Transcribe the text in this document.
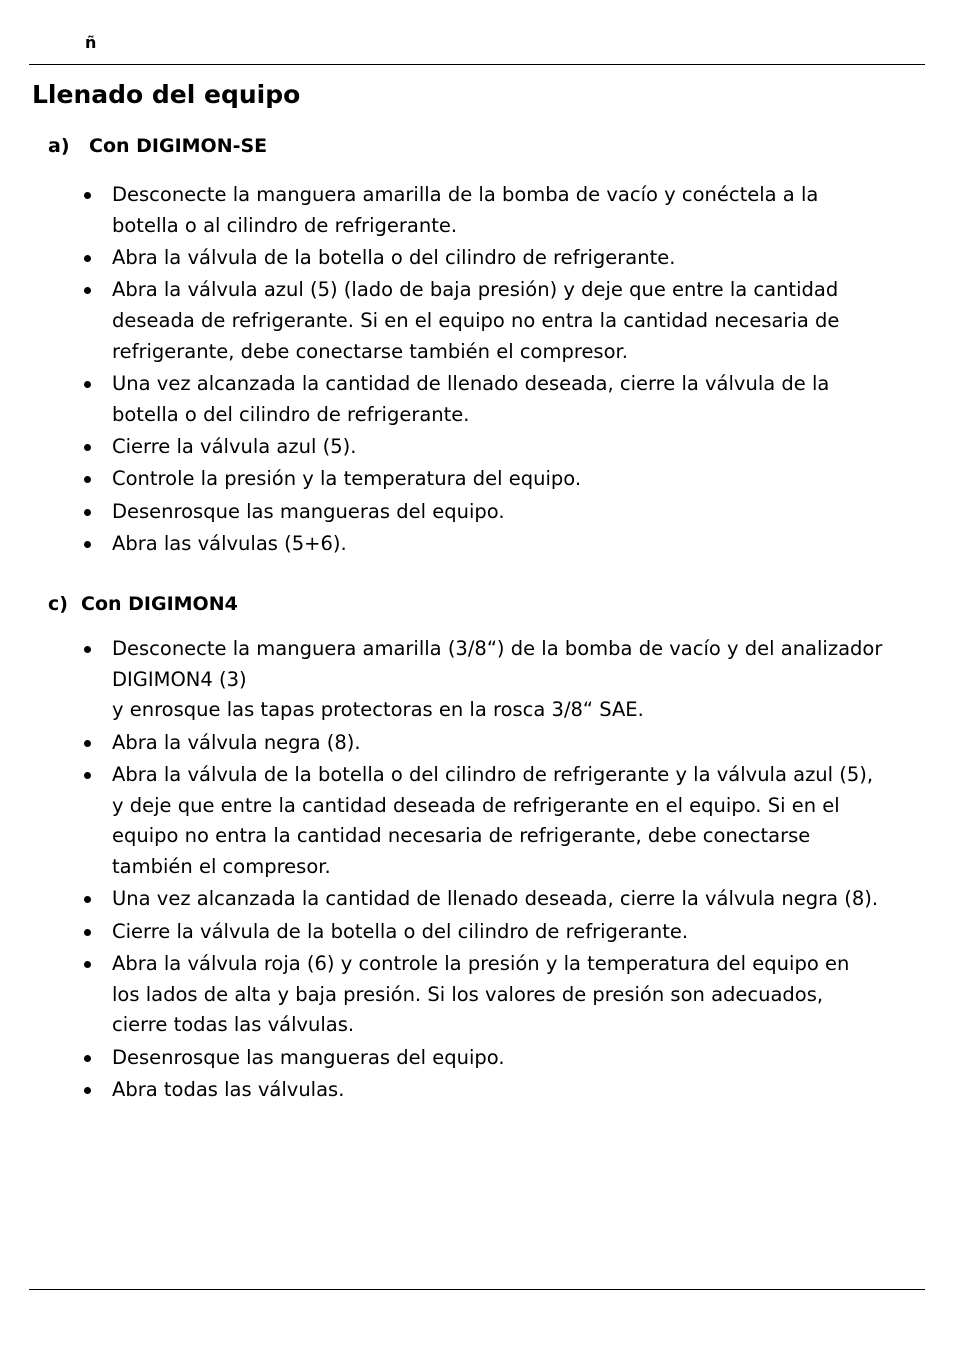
ñ
Llenado del equipo
a) Con DIGIMON-SE
Desconecte la manguera amarilla de la bomba de vacío y conéctela a la
botella o al cilindro de refrigerante.
Abra la válvula de la botella o del cilindro de refrigerante.
Abra la válvula azul (5) (lado de baja presión) y deje que entre la cantidad
deseada de refrigerante. Si en el equipo no entra la cantidad necesaria de
refrigerante, debe conectarse también el compresor.
Una vez alcanzada la cantidad de llenado deseada, cierre la válvula de la
botella o del cilindro de refrigerante.
Cierre la válvula azul (5).
Controle la presión y la temperatura del equipo.
Desenrosque las mangueras del equipo.
Abra las válvulas (5+6).
c) Con DIGIMON4
Desconecte la manguera amarilla (3/8“) de la bomba de vacío y del analizador
DIGIMON4 (3)
y enrosque las tapas protectoras en la rosca 3/8“ SAE.
Abra la válvula negra (8).
Abra la válvula de la botella o del cilindro de refrigerante y la válvula azul (5),
y deje que entre la cantidad deseada de refrigerante en el equipo. Si en el
equipo no entra la cantidad necesaria de refrigerante, debe conectarse
también el compresor.
Una vez alcanzada la cantidad de llenado deseada, cierre la válvula negra (8).
Cierre la válvula de la botella o del cilindro de refrigerante.
Abra la válvula roja (6) y controle la presión y la temperatura del equipo en
los lados de alta y baja presión. Si los valores de presión son adecuados,
cierre todas las válvulas.
Desenrosque las mangueras del equipo.
Abra todas las válvulas.
